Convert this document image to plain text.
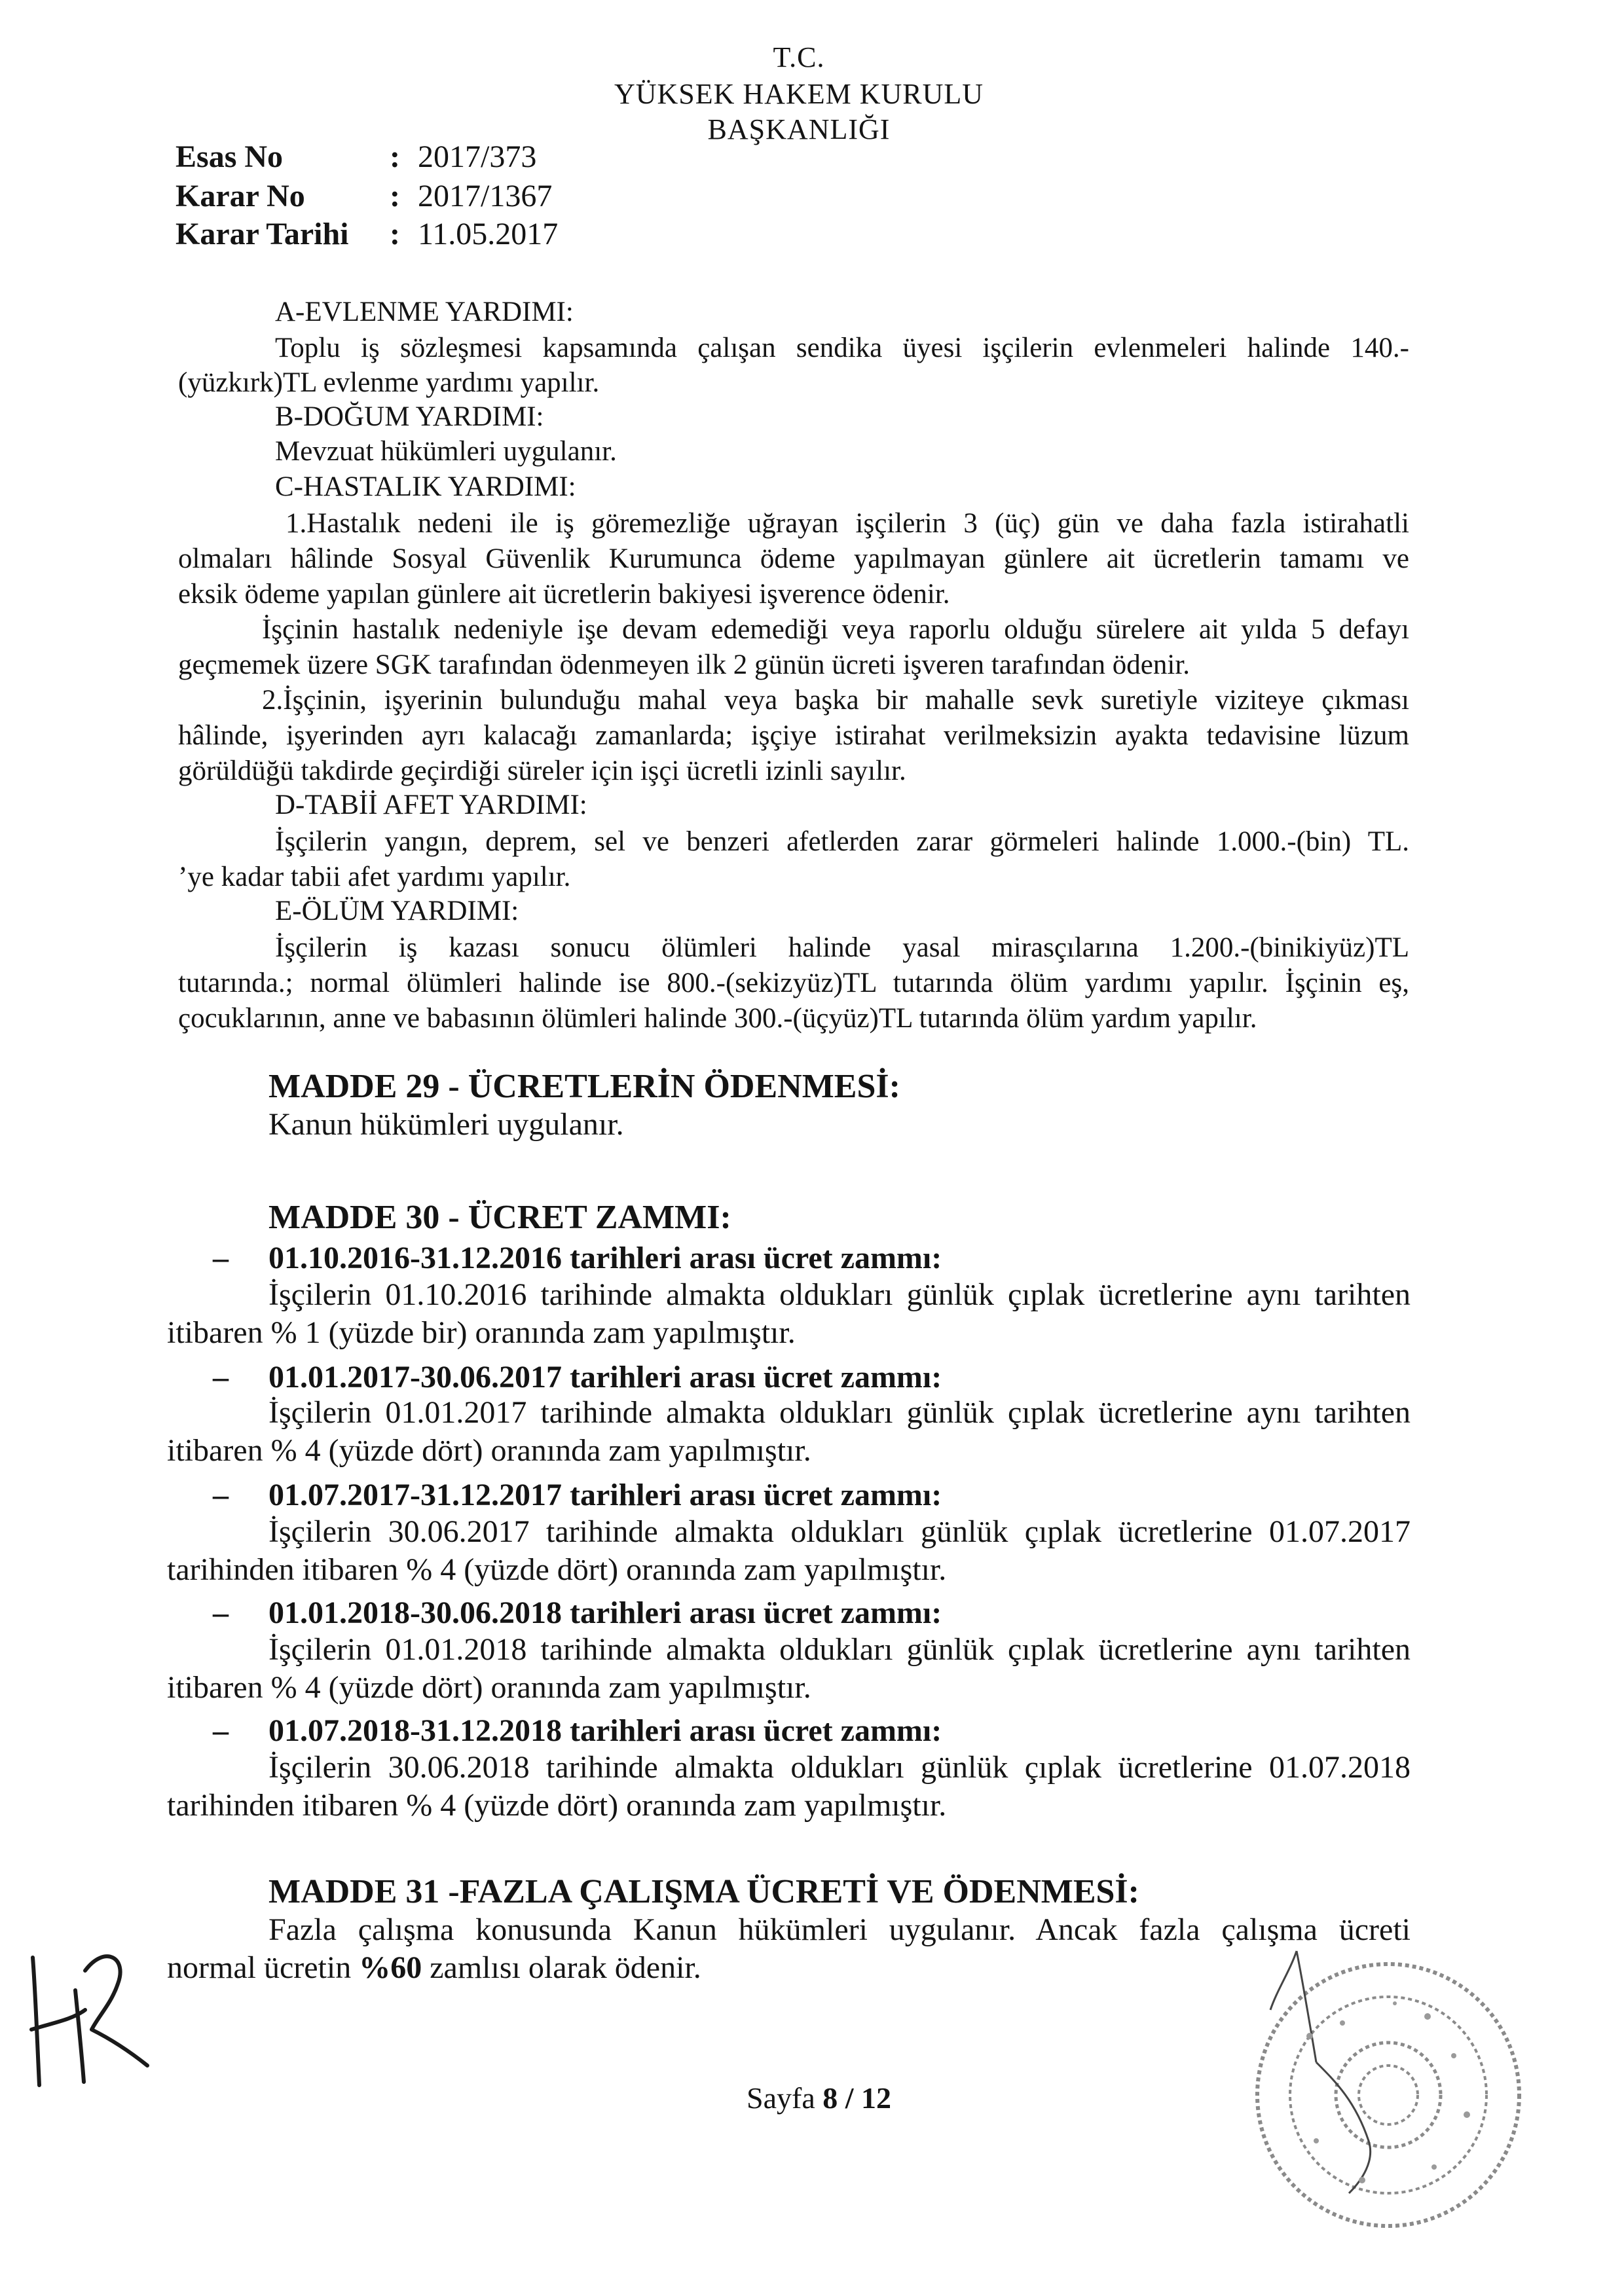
T.C.
YÜKSEK HAKEM KURULU
BAŞKANLIĞI
Esas No	: 2017/373
Karar No	: 2017/1367
Karar Tarihi : 11.05.2017
A-EVLENME YARDIMI:
Toplu iş sözleşmesi kapsamında çalışan sendika üyesi işçilerin evlenmeleri halinde 140.-
(yüzkırk)TL evlenme yardımı yapılır.
B-DOĞUM YARDIMI:
Mevzuat hükümleri uygulanır.
C-HASTALIK YARDIMI:
1.Hastalık nedeni ile iş göremezliğe uğrayan işçilerin 3 (üç) gün ve daha fazla istirahatli
olmaları hâlinde Sosyal Güvenlik Kurumunca ödeme yapılmayan günlere ait ücretlerin tamamı ve
eksik ödeme yapılan günlere ait ücretlerin bakiyesi işverence ödenir.
İşçinin hastalık nedeniyle işe devam edemediği veya raporlu olduğu sürelere ait yılda 5 defayı
geçmemek üzere SGK tarafından ödenmeyen ilk 2 günün ücreti işveren tarafından ödenir.
2.İşçinin, işyerinin bulunduğu mahal veya başka bir mahalle sevk suretiyle viziteye çıkması
hâlinde, işyerinden ayrı kalacağı zamanlarda; işçiye istirahat verilmeksizin ayakta tedavisine lüzum
görüldüğü takdirde geçirdiği süreler için işçi ücretli izinli sayılır.
D-TABİİ AFET YARDIMI:
İşçilerin yangın, deprem, sel ve benzeri afetlerden zarar görmeleri halinde 1.000.-(bin) TL.
’ye kadar tabii afet yardımı yapılır.
E-ÖLÜM YARDIMI:
İşçilerin iş kazası sonucu ölümleri halinde yasal mirasçılarına 1.200.-(binikiyüz)TL
tutarında.; normal ölümleri halinde ise 800.-(sekizyüz)TL tutarında ölüm yardımı yapılır. İşçinin eş,
çocuklarının, anne ve babasının ölümleri halinde 300.-(üçyüz)TL tutarında ölüm yardım yapılır.
MADDE 29 - ÜCRETLERİN ÖDENMESİ:
Kanun hükümleri uygulanır.
MADDE 30 - ÜCRET ZAMMI:
– 01.10.2016-31.12.2016 tarihleri arası ücret zammı:
İşçilerin 01.10.2016 tarihinde almakta oldukları günlük çıplak ücretlerine aynı tarihten
itibaren % 1 (yüzde bir) oranında zam yapılmıştır.
– 01.01.2017-30.06.2017 tarihleri arası ücret zammı:
İşçilerin 01.01.2017 tarihinde almakta oldukları günlük çıplak ücretlerine aynı tarihten
itibaren % 4 (yüzde dört) oranında zam yapılmıştır.
– 01.07.2017-31.12.2017 tarihleri arası ücret zammı:
İşçilerin 30.06.2017 tarihinde almakta oldukları günlük çıplak ücretlerine 01.07.2017
tarihinden itibaren % 4 (yüzde dört) oranında zam yapılmıştır.
– 01.01.2018-30.06.2018 tarihleri arası ücret zammı:
İşçilerin 01.01.2018 tarihinde almakta oldukları günlük çıplak ücretlerine aynı tarihten
itibaren % 4 (yüzde dört) oranında zam yapılmıştır.
– 01.07.2018-31.12.2018 tarihleri arası ücret zammı:
İşçilerin 30.06.2018 tarihinde almakta oldukları günlük çıplak ücretlerine 01.07.2018
tarihinden itibaren % 4 (yüzde dört) oranında zam yapılmıştır.
MADDE 31 -FAZLA ÇALIŞMA ÜCRETİ VE ÖDENMESİ:
Fazla çalışma konusunda Kanun hükümleri uygulanır. Ancak fazla çalışma ücreti
normal ücretin %60 zamlısı olarak ödenir.
Sayfa 8 / 12
